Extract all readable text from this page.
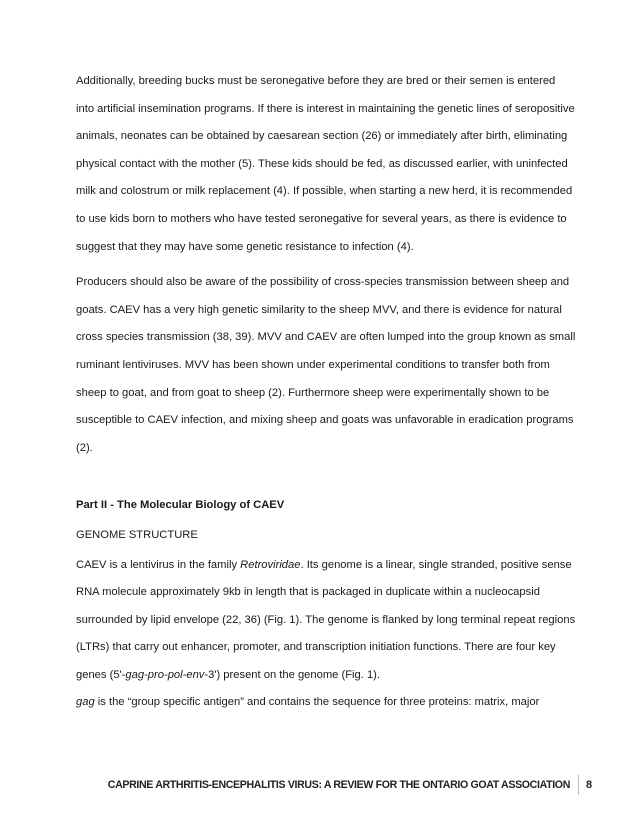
Additionally, breeding bucks must be seronegative before they are bred or their semen is entered into artificial insemination programs. If there is interest in maintaining the genetic lines of seropositive animals, neonates can be obtained by caesarean section (26) or immediately after birth, eliminating physical contact with the mother (5). These kids should be fed, as discussed earlier, with uninfected milk and colostrum or milk replacement (4). If possible, when starting a new herd, it is recommended to use kids born to mothers who have tested seronegative for several years, as there is evidence to suggest that they may have some genetic resistance to infection (4).

Producers should also be aware of the possibility of cross-species transmission between sheep and goats. CAEV has a very high genetic similarity to the sheep MVV, and there is evidence for natural cross species transmission (38, 39). MVV and CAEV are often lumped into the group known as small ruminant lentiviruses. MVV has been shown under experimental conditions to transfer both from sheep to goat, and from goat to sheep (2). Furthermore sheep were experimentally shown to be susceptible to CAEV infection, and mixing sheep and goats was unfavorable in eradication programs (2).

Part II - The Molecular Biology of CAEV

GENOME STRUCTURE

CAEV is a lentivirus in the family Retroviridae. Its genome is a linear, single stranded, positive sense RNA molecule approximately 9kb in length that is packaged in duplicate within a nucleocapsid surrounded by lipid envelope (22, 36) (Fig. 1). The genome is flanked by long terminal repeat regions (LTRs) that carry out enhancer, promoter, and transcription initiation functions. There are four key genes (5'-gag-pro-pol-env-3') present on the genome (Fig. 1).
gag is the “group specific antigen” and contains the sequence for three proteins: matrix, major

CAPRINE ARTHRITIS-ENCEPHALITIS VIRUS: A REVIEW FOR THE ONTARIO GOAT ASSOCIATION 8
